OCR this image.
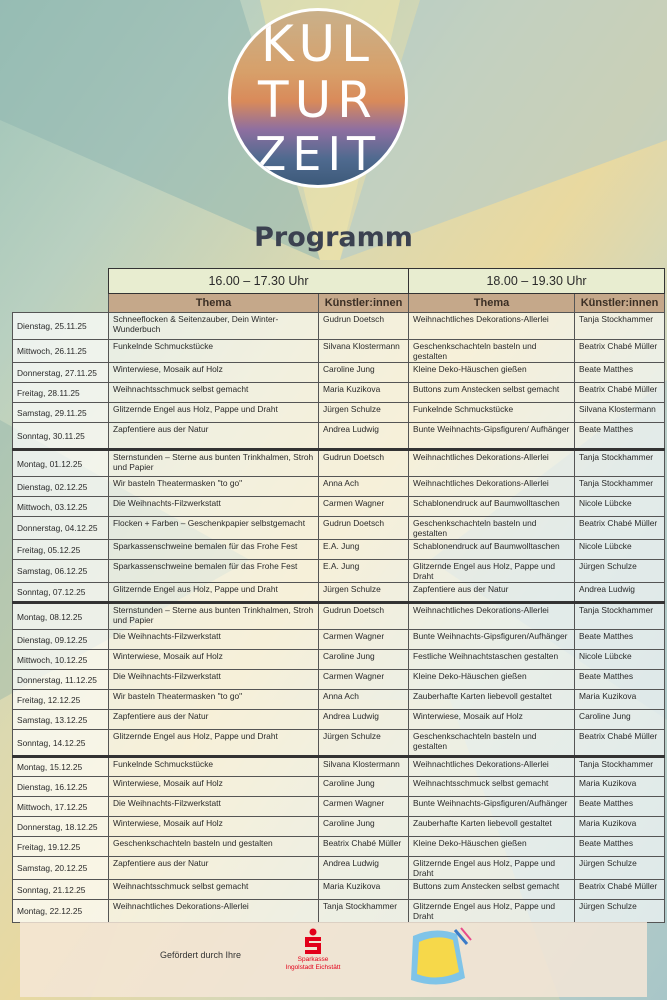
KUL
TUR
ZEIT
Programm
	16.00 – 17.30 Uhr		18.00 – 19.30 Uhr	
	Thema	Künstler:innen		Thema	Künstler:innen
Dienstag, 25.11.25	Schneeflocken & Seitenzauber, Dein Winter-Wunderbuch	Gudrun Doetsch		Weihnachtliches Dekorations-Allerlei	Tanja Stockhammer
Mittwoch, 26.11.25	Funkelnde Schmuckstücke	Silvana Klostermann		Geschenkschachteln basteln und gestalten	Beatrix Chabé Müller
Donnerstag, 27.11.25	Winterwiese, Mosaik auf Holz	Caroline Jung		Kleine Deko-Häuschen gießen	Beate Matthes
Freitag, 28.11.25	Weihnachtsschmuck selbst gemacht	Maria Kuzikova		Buttons zum Anstecken selbst gemacht	Beatrix Chabé Müller
Samstag, 29.11.25	Glitzernde Engel aus Holz, Pappe und Draht	Jürgen Schulze		Funkelnde Schmuckstücke	Silvana Klostermann
Sonntag, 30.11.25	Zapfentiere aus der Natur	Andrea Ludwig		Bunte Weihnachts-Gipsfiguren/ Aufhänger	Beate Matthes
Montag, 01.12.25	Sternstunden – Sterne aus bunten Trinkhalmen, Stroh und Papier	Gudrun Doetsch		Weihnachtliches Dekorations-Allerlei	Tanja Stockhammer
Dienstag, 02.12.25	Wir basteln Theatermasken "to go"	Anna Ach		Weihnachtliches Dekorations-Allerlei	Tanja Stockhammer
Mittwoch, 03.12.25	Die Weihnachts-Filzwerkstatt	Carmen Wagner		Schablonendruck auf Baumwolltaschen	Nicole Lübcke
Donnerstag, 04.12.25	Flocken + Farben – Geschenkpapier selbstgemacht	Gudrun Doetsch		Geschenkschachteln basteln und gestalten	Beatrix Chabé Müller
Freitag, 05.12.25	Sparkassenschweine bemalen für das Frohe Fest	E.A. Jung		Schablonendruck auf Baumwolltaschen	Nicole Lübcke
Samstag, 06.12.25	Sparkassenschweine bemalen für das Frohe Fest	E.A. Jung		Glitzernde Engel aus Holz, Pappe und Draht	Jürgen Schulze
Sonntag, 07.12.25	Glitzernde Engel aus Holz, Pappe und Draht	Jürgen Schulze		Zapfentiere aus der Natur	Andrea Ludwig
Montag, 08.12.25	Sternstunden – Sterne aus bunten Trinkhalmen, Stroh und Papier	Gudrun Doetsch		Weihnachtliches Dekorations-Allerlei	Tanja Stockhammer
Dienstag, 09.12.25	Die Weihnachts-Filzwerkstatt	Carmen Wagner		Bunte Weihnachts-Gipsfiguren/Aufhänger	Beate Matthes
Mittwoch, 10.12.25	Winterwiese, Mosaik auf Holz	Caroline Jung		Festliche Weihnachtstaschen gestalten	Nicole Lübcke
Donnerstag, 11.12.25	Die Weihnachts-Filzwerkstatt	Carmen Wagner		Kleine Deko-Häuschen gießen	Beate Matthes
Freitag, 12.12.25	Wir basteln Theatermasken "to go"	Anna Ach		Zauberhafte Karten liebevoll gestaltet	Maria Kuzikova
Samstag, 13.12.25	Zapfentiere aus der Natur	Andrea Ludwig		Winterwiese, Mosaik auf Holz	Caroline Jung
Sonntag, 14.12.25	Glitzernde Engel aus Holz, Pappe und Draht	Jürgen Schulze		Geschenkschachteln basteln und gestalten	Beatrix Chabé Müller
Montag, 15.12.25	Funkelnde Schmuckstücke	Silvana Klostermann		Weihnachtliches Dekorations-Allerlei	Tanja Stockhammer
Dienstag, 16.12.25	Winterwiese, Mosaik auf Holz	Caroline Jung		Weihnachtsschmuck selbst gemacht	Maria Kuzikova
Mittwoch, 17.12.25	Die Weihnachts-Filzwerkstatt	Carmen Wagner		Bunte Weihnachts-Gipsfiguren/Aufhänger	Beate Matthes
Donnerstag, 18.12.25	Winterwiese, Mosaik auf Holz	Caroline Jung		Zauberhafte Karten liebevoll gestaltet	Maria Kuzikova
Freitag, 19.12.25	Geschenkschachteln basteln und gestalten	Beatrix Chabé Müller		Kleine Deko-Häuschen gießen	Beate Matthes
Samstag, 20.12.25	Zapfentiere aus der Natur	Andrea Ludwig		Glitzernde Engel aus Holz, Pappe und Draht	Jürgen Schulze
Sonntag, 21.12.25	Weihnachtsschmuck selbst gemacht	Maria Kuzikova		Buttons zum Anstecken selbst gemacht	Beatrix Chabé Müller
Montag, 22.12.25	Weihnachtliches Dekorations-Allerlei	Tanja Stockhammer		Glitzernde Engel aus Holz, Pappe und Draht	Jürgen Schulze
Gefördert durch Ihre	Sparkasse
Ingolstadt Eichstätt
